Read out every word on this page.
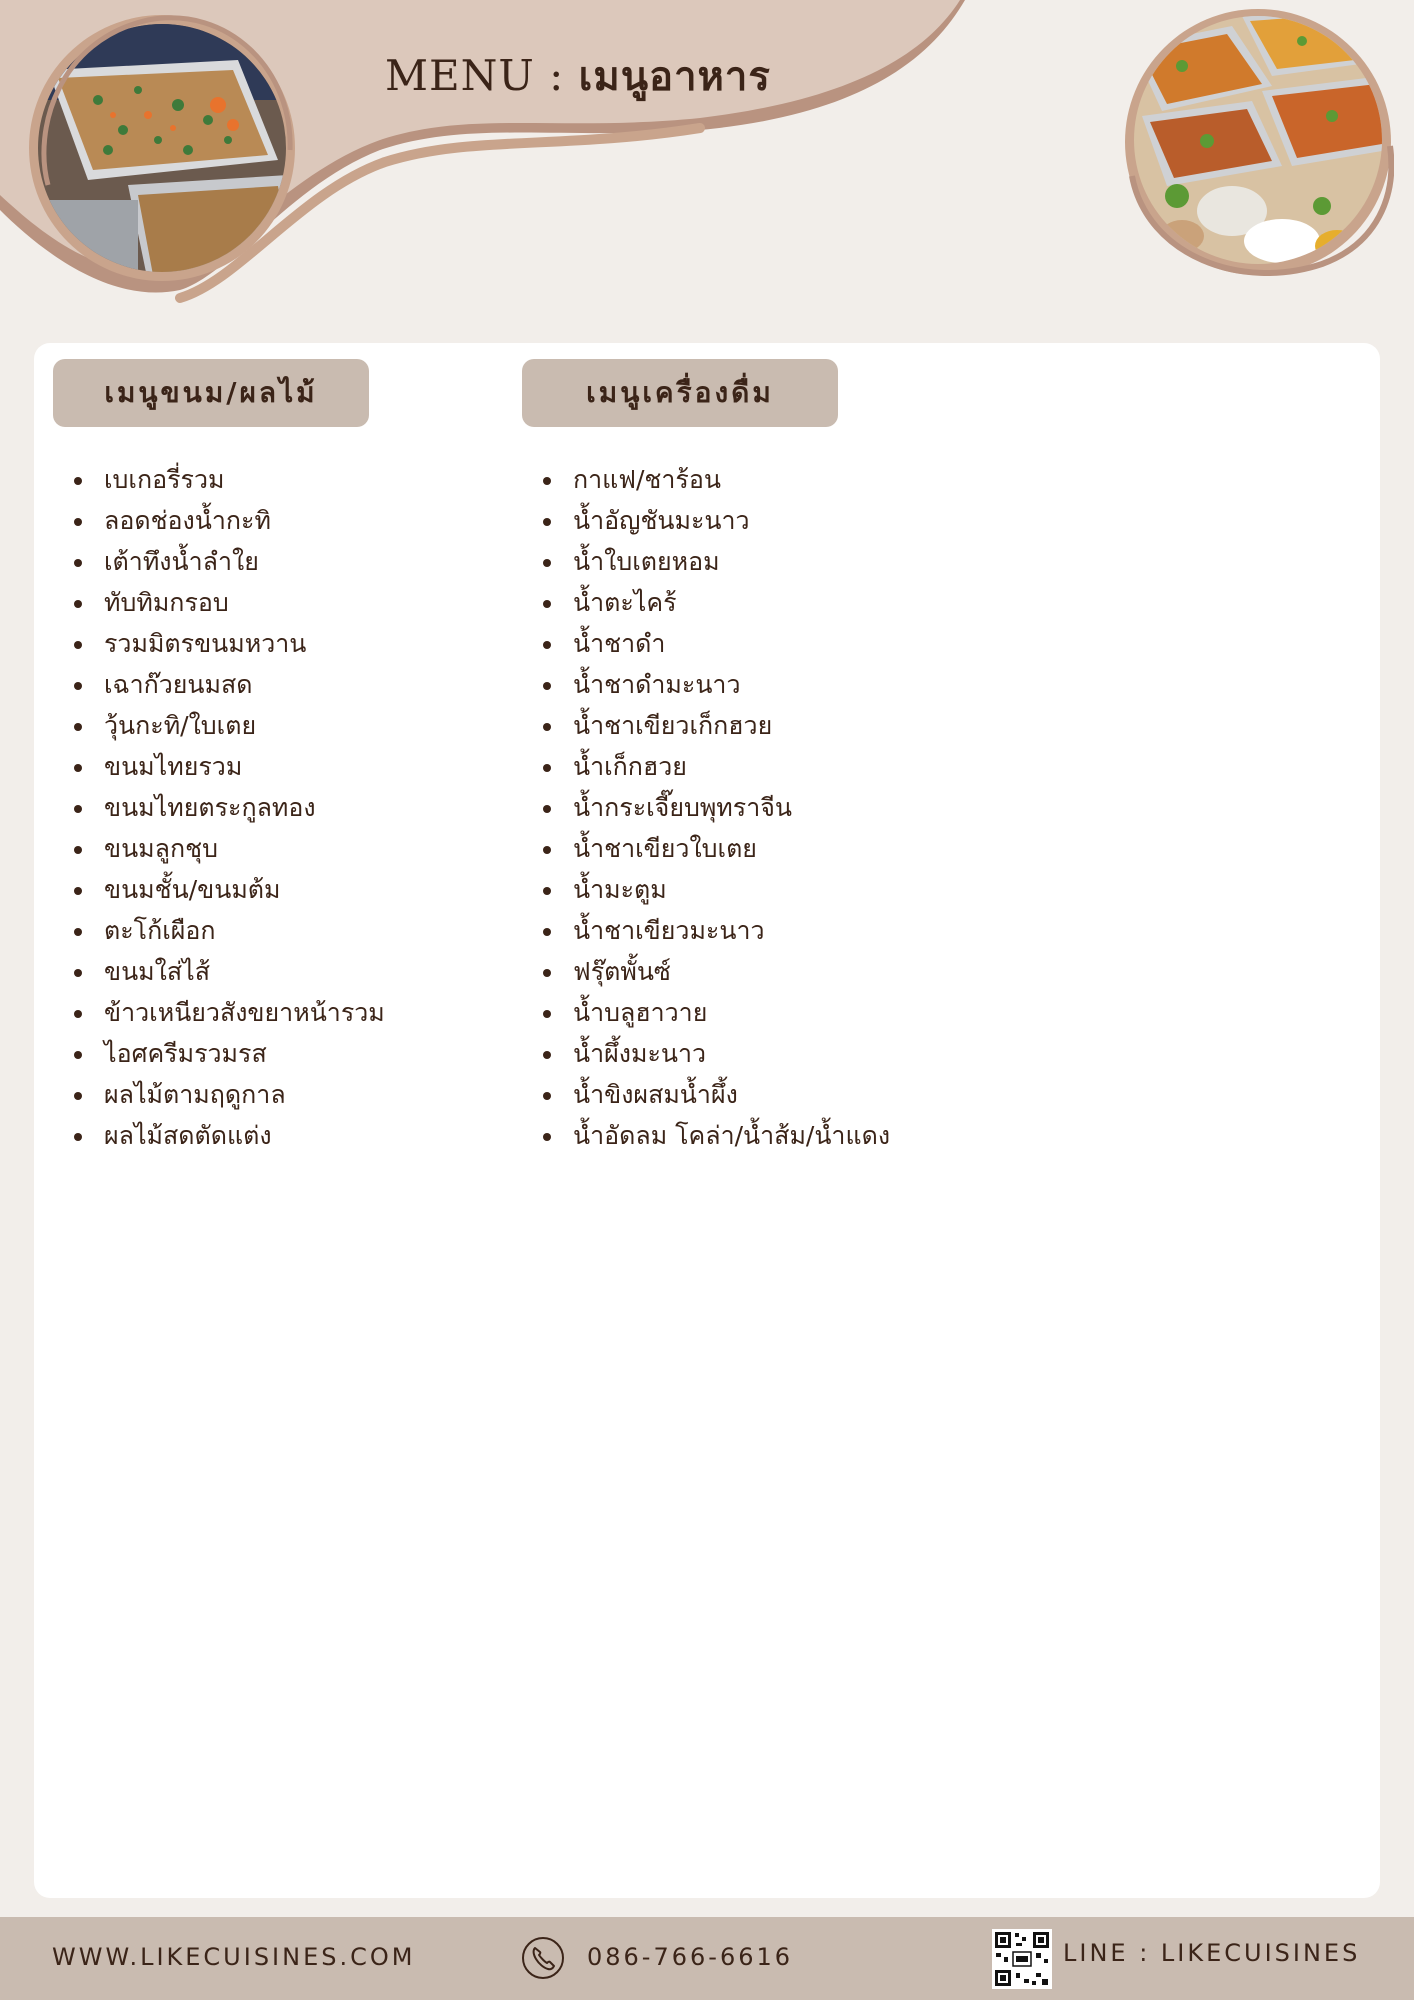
MENU : เมนูอาหาร
เมนูขนม/ผลไม้
เบเกอรี่รวม
ลอดช่องน้ำกะทิ
เต้าทึงน้ำลำใย
ทับทิมกรอบ
รวมมิตรขนมหวาน
เฉาก๊วยนมสด
วุ้นกะทิ/ใบเตย
ขนมไทยรวม
ขนมไทยตระกูลทอง
ขนมลูกชุบ
ขนมชั้น/ขนมต้ม
ตะโก้เผือก
ขนมใส่ไส้
ข้าวเหนียวสังขยาหน้ารวม
ไอศครีมรวมรส
ผลไม้ตามฤดูกาล
ผลไม้สดตัดแต่ง
เมนูเครื่องดื่ม
กาแฟ/ชาร้อน
น้ำอัญชันมะนาว
น้ำใบเตยหอม
น้ำตะไคร้
น้ำชาดำ
น้ำชาดำมะนาว
น้ำชาเขียวเก็กฮวย
น้ำเก็กฮวย
น้ำกระเจี๊ยบพุทราจีน
น้ำชาเขียวใบเตย
น้ำมะตูม
น้ำชาเขียวมะนาว
ฟรุ๊ตพั้นซ์
น้ำบลูฮาวาย
น้ำผึ้งมะนาว
น้ำขิงผสมน้ำผึ้ง
น้ำอัดลม โคล่า/น้ำส้ม/น้ำแดง
WWW.LIKECUISINES.COM	086-766-6616	LINE : LIKECUISINES
